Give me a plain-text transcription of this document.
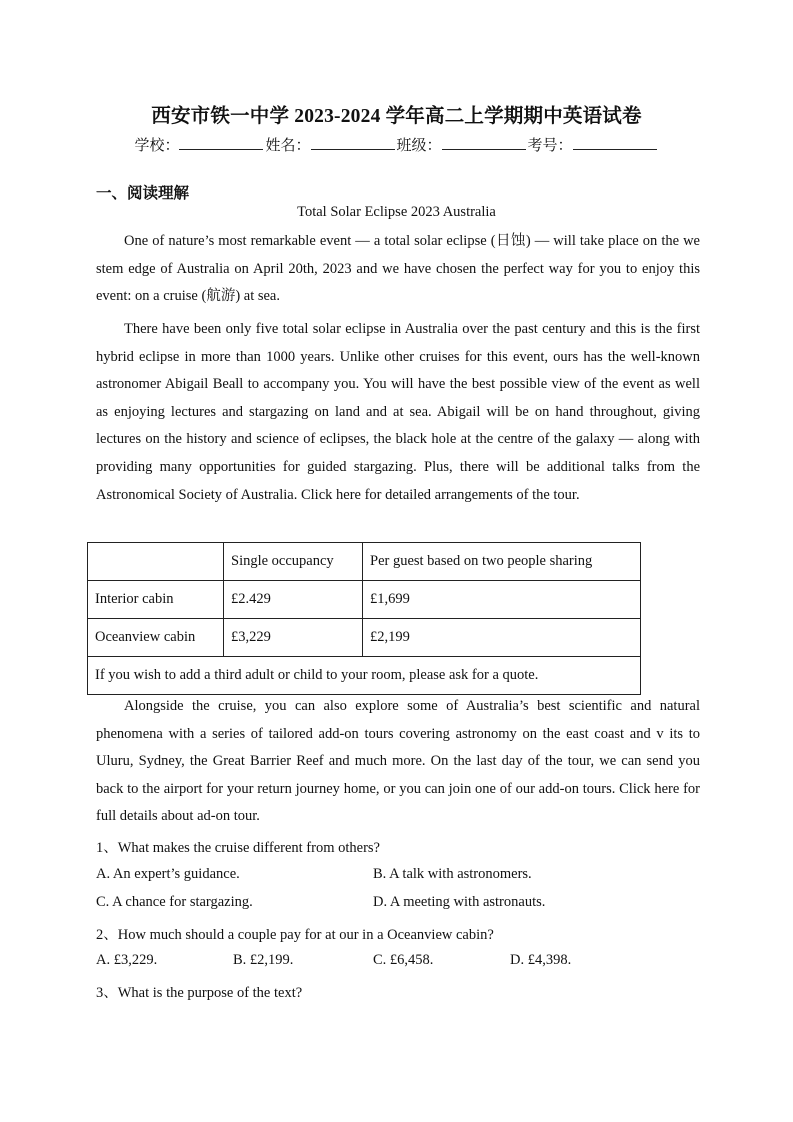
西安市铁一中学 2023-2024 学年高二上学期期中英语试卷
学校：	姓名：	班级：	考号：
一、阅读理解
Total Solar Eclipse 2023 Australia

One of nature’s most remarkable event — a total solar eclipse (日蚀) — will take place on the we stem edge of Australia on April 20th, 2023 and we have chosen the perfect way for you to enjoy this event: on a cruise (航游) at sea.

There have been only five total solar eclipse in Australia over the past century and this is the first hybrid eclipse in more than 1000 years. Unlike other cruises for this event, ours has the well-known astronomer Abigail Beall to accompany you. You will have the best possible view of the event as well as enjoying lectures and stargazing on land and at sea. Abigail will be on hand throughout, giving lectures on the history and science of eclipses, the black hole at the centre of the galaxy — along with providing many opportunities for guided stargazing. Plus, there will be additional talks from the Astronomical Society of Australia. Click here for detailed arrangements of the tour.

	Single occupancy	Per guest based on two people sharing
Interior cabin	£2.429	£1,699
Oceanview cabin	£3,229	£2,199
If you wish to add a third adult or child to your room, please ask for a quote.		

Alongside the cruise, you can also explore some of Australia’s best scientific and natural phenomena with a series of tailored add-on tours covering astronomy on the east coast and v its to Uluru, Sydney, the Great Barrier Reef and much more. On the last day of the tour, we can send you back to the airport for your return journey home, or you can join one of our add-on tours. Click here for full details about ad-on tour.

1、What makes the cruise different from others?
A. An expert’s guidance.	B. A talk with astronomers.
C. A chance for stargazing.	D. A meeting with astronauts.
2、How much should a couple pay for at our in a Oceanview cabin?
A. £3,229.	B. £2,199.	C. £6,458.	D. £4,398.
3、What is the purpose of the text?
